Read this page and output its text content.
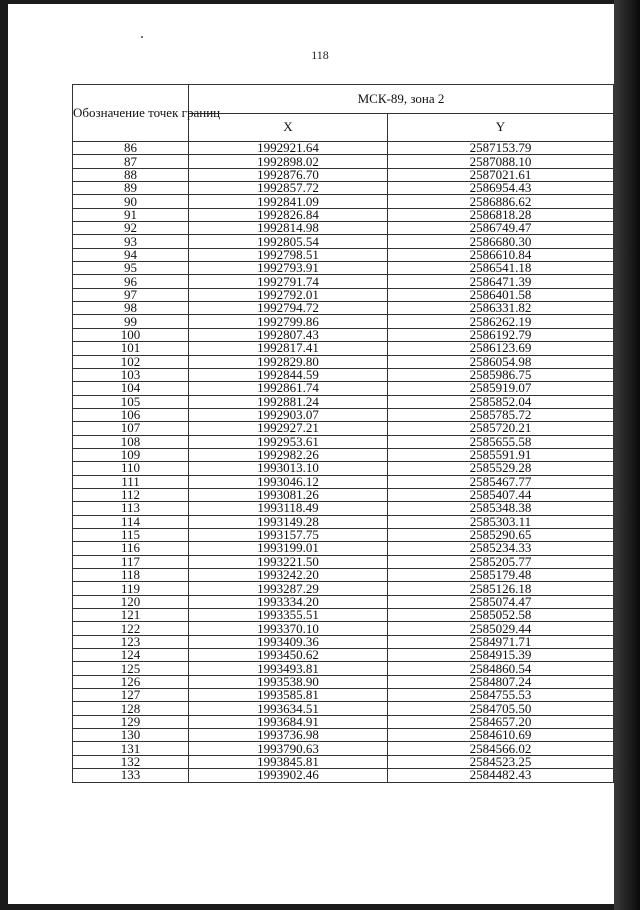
118
Обозначение точек границ	МСК-89, зона 2	
	X	Y
86	1992921.64	2587153.79
87	1992898.02	2587088.10
88	1992876.70	2587021.61
89	1992857.72	2586954.43
90	1992841.09	2586886.62
91	1992826.84	2586818.28
92	1992814.98	2586749.47
93	1992805.54	2586680.30
94	1992798.51	2586610.84
95	1992793.91	2586541.18
96	1992791.74	2586471.39
97	1992792.01	2586401.58
98	1992794.72	2586331.82
99	1992799.86	2586262.19
100	1992807.43	2586192.79
101	1992817.41	2586123.69
102	1992829.80	2586054.98
103	1992844.59	2585986.75
104	1992861.74	2585919.07
105	1992881.24	2585852.04
106	1992903.07	2585785.72
107	1992927.21	2585720.21
108	1992953.61	2585655.58
109	1992982.26	2585591.91
110	1993013.10	2585529.28
111	1993046.12	2585467.77
112	1993081.26	2585407.44
113	1993118.49	2585348.38
114	1993149.28	2585303.11
115	1993157.75	2585290.65
116	1993199.01	2585234.33
117	1993221.50	2585205.77
118	1993242.20	2585179.48
119	1993287.29	2585126.18
120	1993334.20	2585074.47
121	1993355.51	2585052.58
122	1993370.10	2585029.44
123	1993409.36	2584971.71
124	1993450.62	2584915.39
125	1993493.81	2584860.54
126	1993538.90	2584807.24
127	1993585.81	2584755.53
128	1993634.51	2584705.50
129	1993684.91	2584657.20
130	1993736.98	2584610.69
131	1993790.63	2584566.02
132	1993845.81	2584523.25
133	1993902.46	2584482.43
